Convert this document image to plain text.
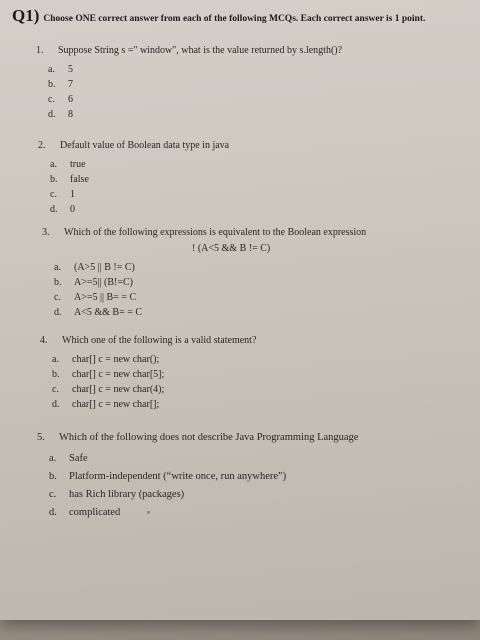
Q1) Choose ONE correct answer from each of the following MCQs. Each correct answer is 1 point.
1.	Suppose String s =" window", what is the value returned by s.length()?
a.	5
b.	7
c.	6
d.	8
2.	Default value of Boolean data type in java
a.	true
b.	false
c.	1
d.	0
3.	Which of the following expressions is equivalent to the Boolean expression
! (A<5 && B != C)
a.	(A>5 || B != C)
b.	A>=5|| (B!=C)
c.	A>=5 || B= = C
d.	A<5 && B= = C
4.	Which one of the following is a valid statement?
a.	char[] c = new char();
b.	char[] c = new char[5];
c.	char[] c = new char(4);
d.	char[] c = new char[];
5.	Which of the following does not describe Java Programming Language
a.	Safe
b.	Platform-independent (“write once, run anywhere”)
c.	has Rich library (packages)
d.	complicated
